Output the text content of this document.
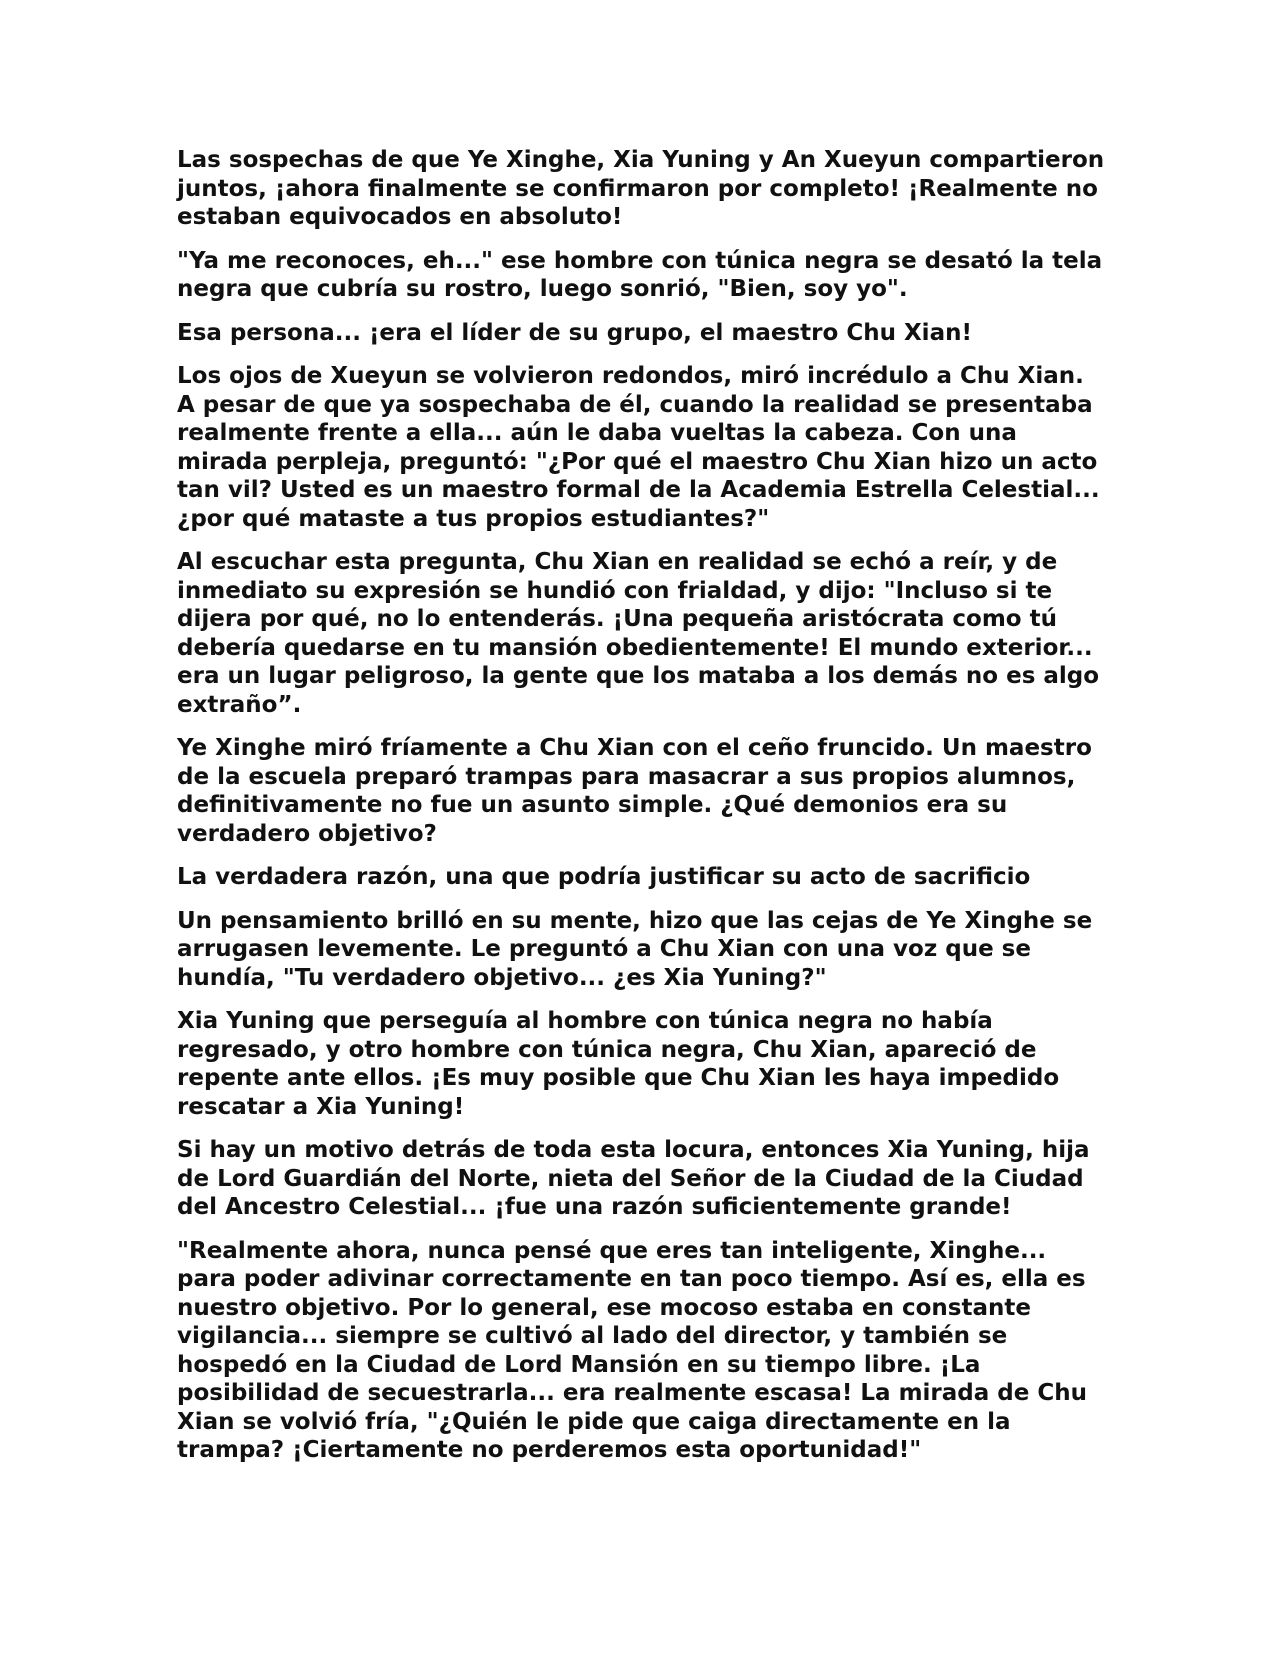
Las sospechas de que Ye Xinghe, Xia Yuning y An Xueyun compartieron juntos, ¡ahora finalmente se confirmaron por completo! ¡Realmente no estaban equivocados en absoluto!

"Ya me reconoces, eh..." ese hombre con túnica negra se desató la tela negra que cubría su rostro, luego sonrió, "Bien, soy yo".

Esa persona... ¡era el líder de su grupo, el maestro Chu Xian!

Los ojos de Xueyun se volvieron redondos, miró incrédulo a Chu Xian. A pesar de que ya sospechaba de él, cuando la realidad se presentaba realmente frente a ella... aún le daba vueltas la cabeza. Con una mirada perpleja, preguntó: "¿Por qué el maestro Chu Xian hizo un acto tan vil? Usted es un maestro formal de la Academia Estrella Celestial... ¿por qué mataste a tus propios estudiantes?"

Al escuchar esta pregunta, Chu Xian en realidad se echó a reír, y de inmediato su expresión se hundió con frialdad, y dijo: "Incluso si te dijera por qué, no lo entenderás. ¡Una pequeña aristócrata como tú debería quedarse en tu mansión obedientemente! El mundo exterior... era un lugar peligroso, la gente que los mataba a los demás no es algo extraño”.

Ye Xinghe miró fríamente a Chu Xian con el ceño fruncido. Un maestro de la escuela preparó trampas para masacrar a sus propios alumnos, definitivamente no fue un asunto simple. ¿Qué demonios era su verdadero objetivo?

La verdadera razón, una que podría justificar su acto de sacrificio

Un pensamiento brilló en su mente, hizo que las cejas de Ye Xinghe se arrugasen levemente. Le preguntó a Chu Xian con una voz que se hundía, "Tu verdadero objetivo... ¿es Xia Yuning?"

Xia Yuning que perseguía al hombre con túnica negra no había regresado, y otro hombre con túnica negra, Chu Xian, apareció de repente ante ellos. ¡Es muy posible que Chu Xian les haya impedido rescatar a Xia Yuning!

Si hay un motivo detrás de toda esta locura, entonces Xia Yuning, hija de Lord Guardián del Norte, nieta del Señor de la Ciudad de la Ciudad del Ancestro Celestial... ¡fue una razón suficientemente grande!

"Realmente ahora, nunca pensé que eres tan inteligente, Xinghe... para poder adivinar correctamente en tan poco tiempo. Así es, ella es nuestro objetivo. Por lo general, ese mocoso estaba en constante vigilancia... siempre se cultivó al lado del director, y también se hospedó en la Ciudad de Lord Mansión en su tiempo libre. ¡La posibilidad de secuestrarla... era realmente escasa! La mirada de Chu Xian se volvió fría, "¿Quién le pide que caiga directamente en la trampa? ¡Ciertamente no perderemos esta oportunidad!"
